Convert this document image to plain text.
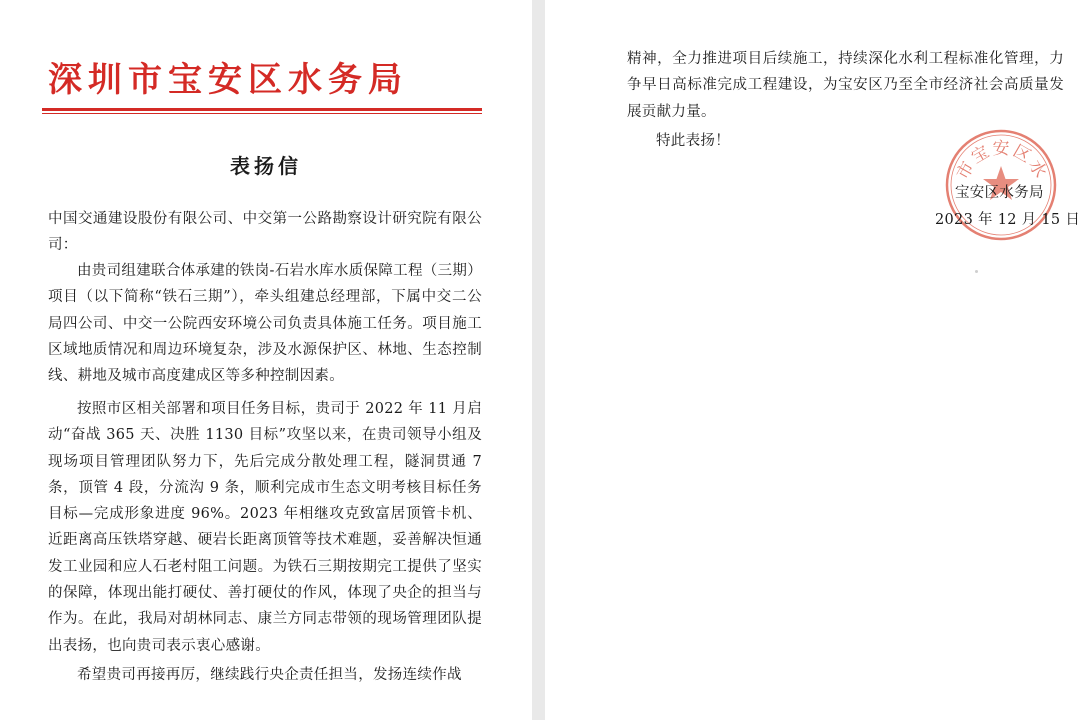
深圳市宝安区水务局
表扬信
中国交通建设股份有限公司、中交第一公路勘察设计研究院有限公司：
由贵司组建联合体承建的铁岗-石岩水库水质保障工程（三期）项目（以下简称“铁石三期”），牵头组建总经理部，下属中交二公局四公司、中交一公院西安环境公司负责具体施工任务。项目施工区域地质情况和周边环境复杂，涉及水源保护区、林地、生态控制线、耕地及城市高度建成区等多种控制因素。
按照市区相关部署和项目任务目标，贵司于 2022 年 11 月启动“奋战 365 天、决胜 1130 目标”攻坚以来，在贵司领导小组及现场项目管理团队努力下，先后完成分散处理工程，隧洞贯通 7 条，顶管 4 段，分流沟 9 条，顺利完成市生态文明考核目标任务目标—完成形象进度 96%。2023 年相继攻克致富居顶管卡机、近距离高压铁塔穿越、硬岩长距离顶管等技术难题，妥善解决恒通发工业园和应人石老村阻工问题。为铁石三期按期完工提供了坚实的保障，体现出能打硬仗、善打硬仗的作风，体现了央企的担当与作为。在此，我局对胡林同志、康兰方同志带领的现场管理团队提出表扬，也向贵司表示衷心感谢。
希望贵司再接再厉，继续践行央企责任担当，发扬连续作战
精神，全力推进项目后续施工，持续深化水利工程标准化管理，力争早日高标准完成工程建设，为宝安区乃至全市经济社会高质量发展贡献力量。
特此表扬！
市宝安区水
宝安区水务局
2023 年 12 月 15 日
